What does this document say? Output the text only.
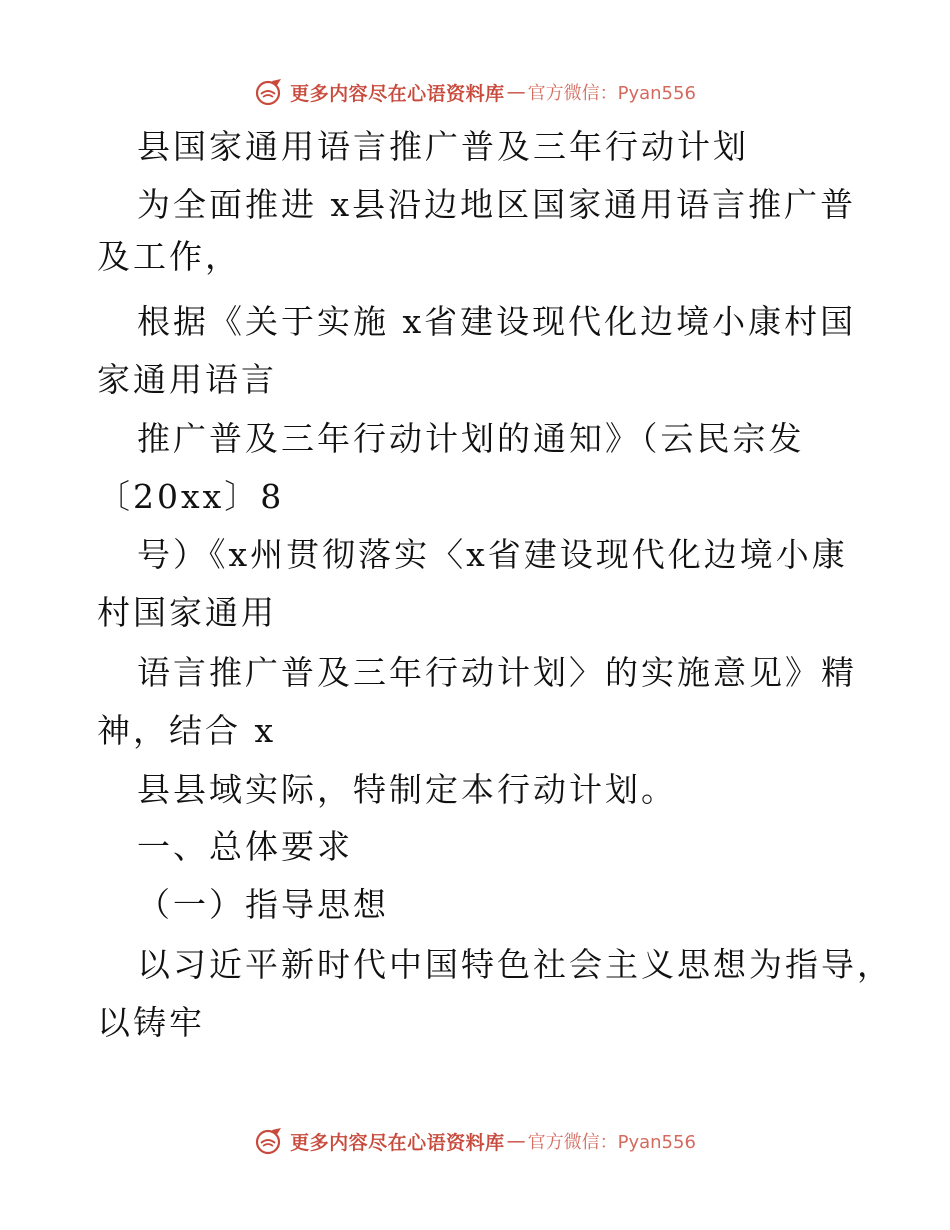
更多内容尽在心语资料库 — 官方微信：Pyan556
县国家通用语言推广普及三年行动计划
为全面推进 x县沿边地区国家通用语言推广普
及工作，
根据《关于实施 x省建设现代化边境小康村国
家通用语言
推广普及三年行动计划的通知》（云民宗发
〔20xx〕8
号）《x州贯彻落实〈x省建设现代化边境小康
村国家通用
语言推广普及三年行动计划〉的实施意见》精
神，结合 x
县县域实际，特制定本行动计划。
一、总体要求
（一）指导思想
以习近平新时代中国特色社会主义思想为指导，
以铸牢
更多内容尽在心语资料库 — 官方微信：Pyan556
